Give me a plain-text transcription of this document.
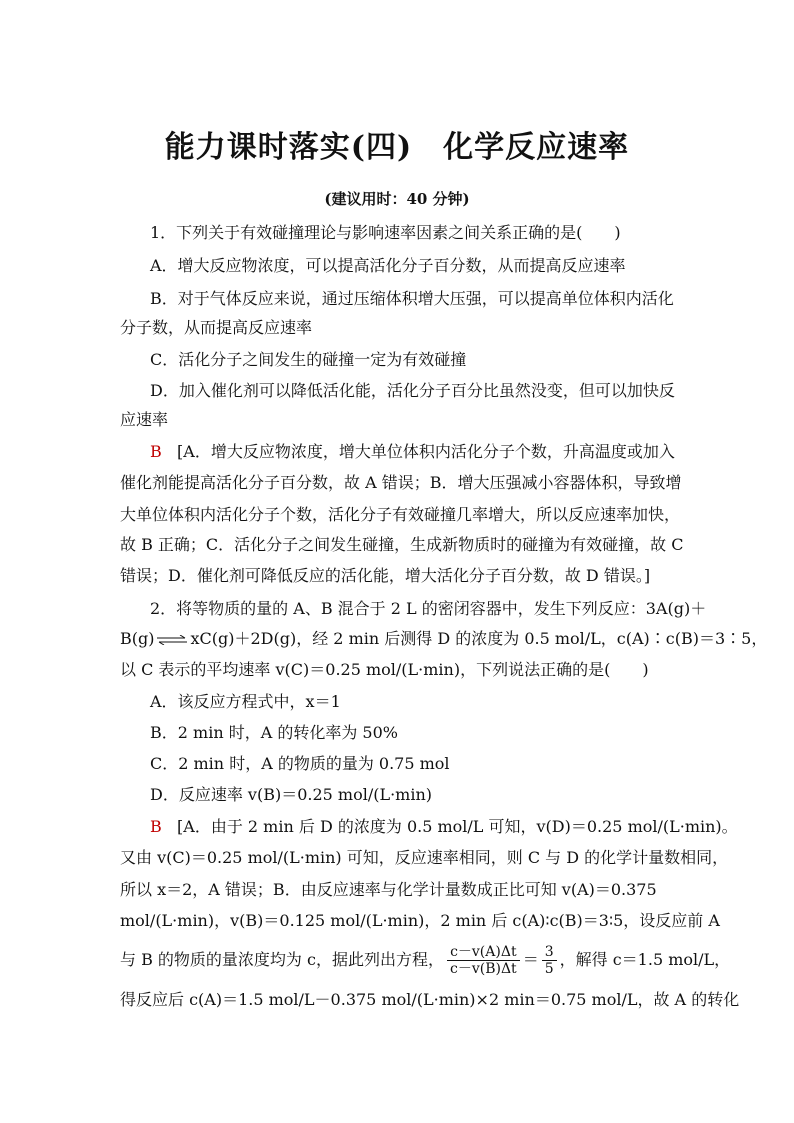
能力课时落实(四)　化学反应速率
(建议用时：40 分钟)
1．下列关于有效碰撞理论与影响速率因素之间关系正确的是(　　)
A．增大反应物浓度，可以提高活化分子百分数，从而提高反应速率
B．对于气体反应来说，通过压缩体积增大压强，可以提高单位体积内活化
分子数，从而提高反应速率
C．活化分子之间发生的碰撞一定为有效碰撞
D．加入催化剂可以降低活化能，活化分子百分比虽然没变，但可以加快反
应速率
B [A．增大反应物浓度，增大单位体积内活化分子个数，升高温度或加入
催化剂能提高活化分子百分数，故 A 错误；B．增大压强减小容器体积，导致增
大单位体积内活化分子个数，活化分子有效碰撞几率增大，所以反应速率加快，
故 B 正确；C．活化分子之间发生碰撞，生成新物质时的碰撞为有效碰撞，故 C
错误；D．催化剂可降低反应的活化能，增大活化分子百分数，故 D 错误。]
2．将等物质的量的 A、B 混合于 2 L 的密闭容器中，发生下列反应：3A(g)＋
B(g) ⇌ xC(g)＋2D(g)，经 2 min 后测得 D 的浓度为 0.5 mol/L，c(A)∶c(B)＝3∶5，
以 C 表示的平均速率 v(C)＝0.25 mol/(L·min)，下列说法正确的是(　　)
A．该反应方程式中，x＝1
B．2 min 时，A 的转化率为 50%
C．2 min 时，A 的物质的量为 0.75 mol
D．反应速率 v(B)＝0.25 mol/(L·min)
B [A．由于 2 min 后 D 的浓度为 0.5 mol/L 可知，v(D)＝0.25 mol/(L·min)。
又由 v(C)＝0.25 mol/(L·min) 可知，反应速率相同，则 C 与 D 的化学计量数相同，
所以 x＝2，A 错误；B．由反应速率与化学计量数成正比可知 v(A)＝0.375
mol/(L·min)，v(B)＝0.125 mol/(L·min)，2 min 后 c(A)∶c(B)＝3∶5，设反应前 A
与 B 的物质的量浓度均为 c，据此列出方程， $\frac{c-v(A)\Delta t}{c-v(B)\Delta t} = \frac{3}{5}$ ，解得 c＝1.5 mol/L，
得反应后 c(A)＝1.5 mol/L－0.375 mol/(L·min)×2 min＝0.75 mol/L，故 A 的转化
